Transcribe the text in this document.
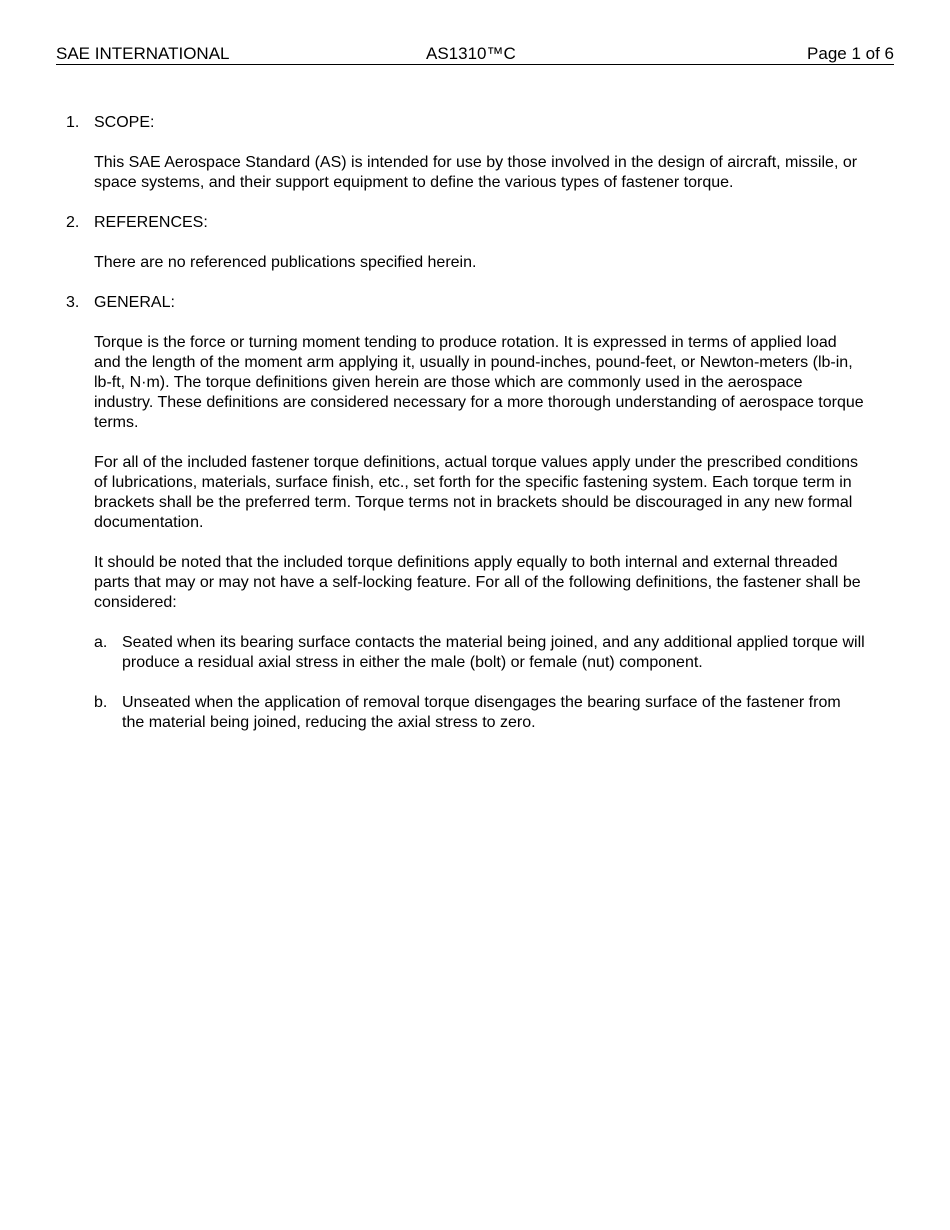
SAE INTERNATIONAL	AS1310™C	Page 1 of 6
1. SCOPE:
This SAE Aerospace Standard (AS) is intended for use by those involved in the design of aircraft, missile, or space systems, and their support equipment to define the various types of fastener torque.
2. REFERENCES:
There are no referenced publications specified herein.
3. GENERAL:
Torque is the force or turning moment tending to produce rotation. It is expressed in terms of applied load and the length of the moment arm applying it, usually in pound-inches, pound-feet, or Newton-meters (lb-in, lb-ft, N·m). The torque definitions given herein are those which are commonly used in the aerospace industry. These definitions are considered necessary for a more thorough understanding of aerospace torque terms.
For all of the included fastener torque definitions, actual torque values apply under the prescribed conditions of lubrications, materials, surface finish, etc., set forth for the specific fastening system. Each torque term in brackets shall be the preferred term. Torque terms not in brackets should be discouraged in any new formal documentation.
It should be noted that the included torque definitions apply equally to both internal and external threaded parts that may or may not have a self-locking feature. For all of the following definitions, the fastener shall be considered:
a. Seated when its bearing surface contacts the material being joined, and any additional applied torque will produce a residual axial stress in either the male (bolt) or female (nut) component.
b. Unseated when the application of removal torque disengages the bearing surface of the fastener from the material being joined, reducing the axial stress to zero.
